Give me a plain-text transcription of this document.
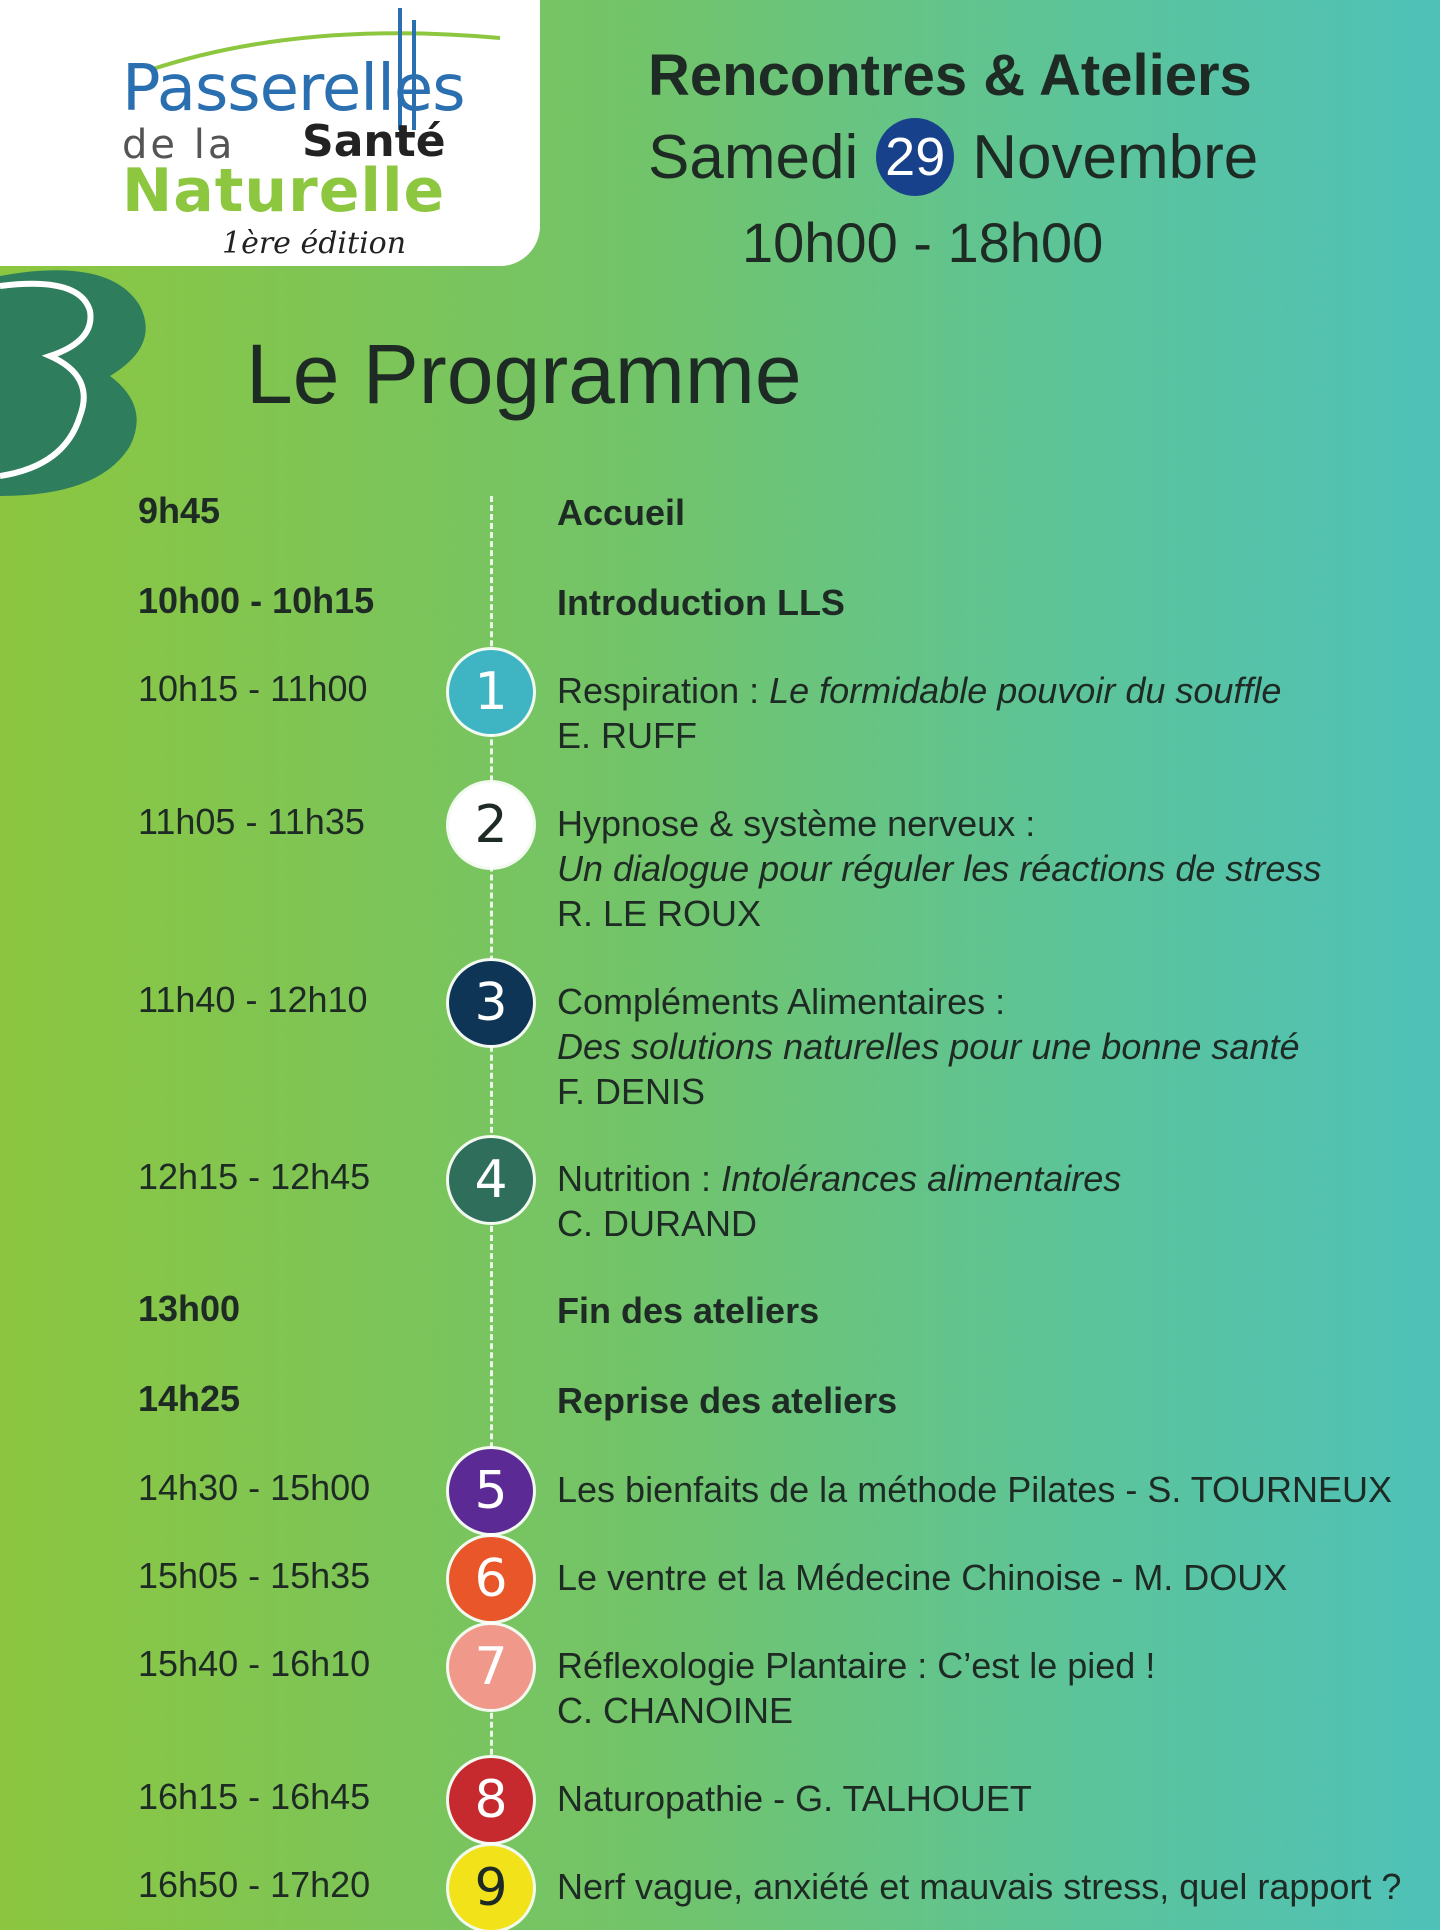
Passerelles
de la Santé
Naturelle
1ère édition
Rencontres & Ateliers
Samedi 29 Novembre
10h00 - 18h00
Le Programme
9h45	Accueil
10h00 - 10h15	Introduction LLS
10h15 - 11h00	1	Respiration : Le formidable pouvoir du souffle
E. RUFF
11h05 - 11h35	2	Hypnose & système nerveux :
Un dialogue pour réguler les réactions de stress
R. LE ROUX
11h40 - 12h10	3	Compléments Alimentaires :
Des solutions naturelles pour une bonne santé
F. DENIS
12h15 - 12h45	4	Nutrition : Intolérances alimentaires
C. DURAND
13h00	Fin des ateliers
14h25	Reprise des ateliers
14h30 - 15h00	5	Les bienfaits de la méthode Pilates - S. TOURNEUX
15h05 - 15h35	6	Le ventre et la Médecine Chinoise - M. DOUX
15h40 - 16h10	7	Réflexologie Plantaire : C’est le pied !
C. CHANOINE
16h15 - 16h45	8	Naturopathie - G. TALHOUET
16h50 - 17h20	9	Nerf vague, anxiété et mauvais stress, quel rapport ?
